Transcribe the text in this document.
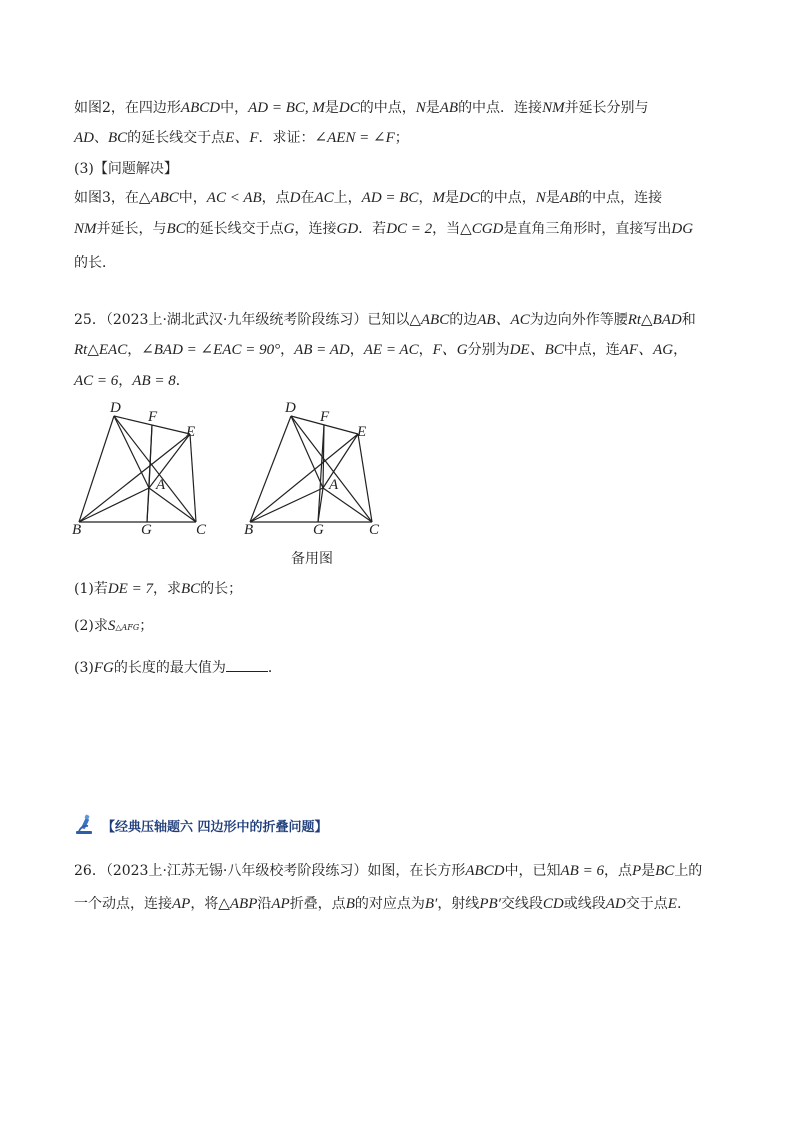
如图2，在四边形ABCD中，AD = BC, M是DC的中点，N是AB的中点．连接NM并延长分别与
AD、BC的延长线交于点E、F．求证：∠AEN = ∠F；
(3)【问题解决】
如图3，在△ABC中，AC < AB，点D在AC上，AD = BC，M是DC的中点，N是AB的中点，连接
NM并延长，与BC的延长线交于点G，连接GD．若DC = 2，当△CGD是直角三角形时，直接写出DG
的长．
25．（2023上·湖北武汉·九年级统考阶段练习）已知以△ABC的边AB、AC为边向外作等腰Rt△BAD和
Rt△EAC，∠BAD = ∠EAC = 90°，AB = AD，AE = AC，F、G分别为DE、BC中点，连AF、AG，
AC = 6，AB = 8．
D
F
E
A
B	G	C
D
F
E
A
B	G	C
备用图
(1)若DE = 7，求BC的长；
(2)求S△AFG；
(3)FG的长度的最大值为	．
【经典压轴题六 四边形中的折叠问题】
26．（2023上·江苏无锡·八年级校考阶段练习）如图，在长方形ABCD中，已知AB = 6，点P是BC上的
一个动点，连接AP，将△ABP沿AP折叠，点B的对应点为B′，射线PB′交线段CD或线段AD交于点E.
